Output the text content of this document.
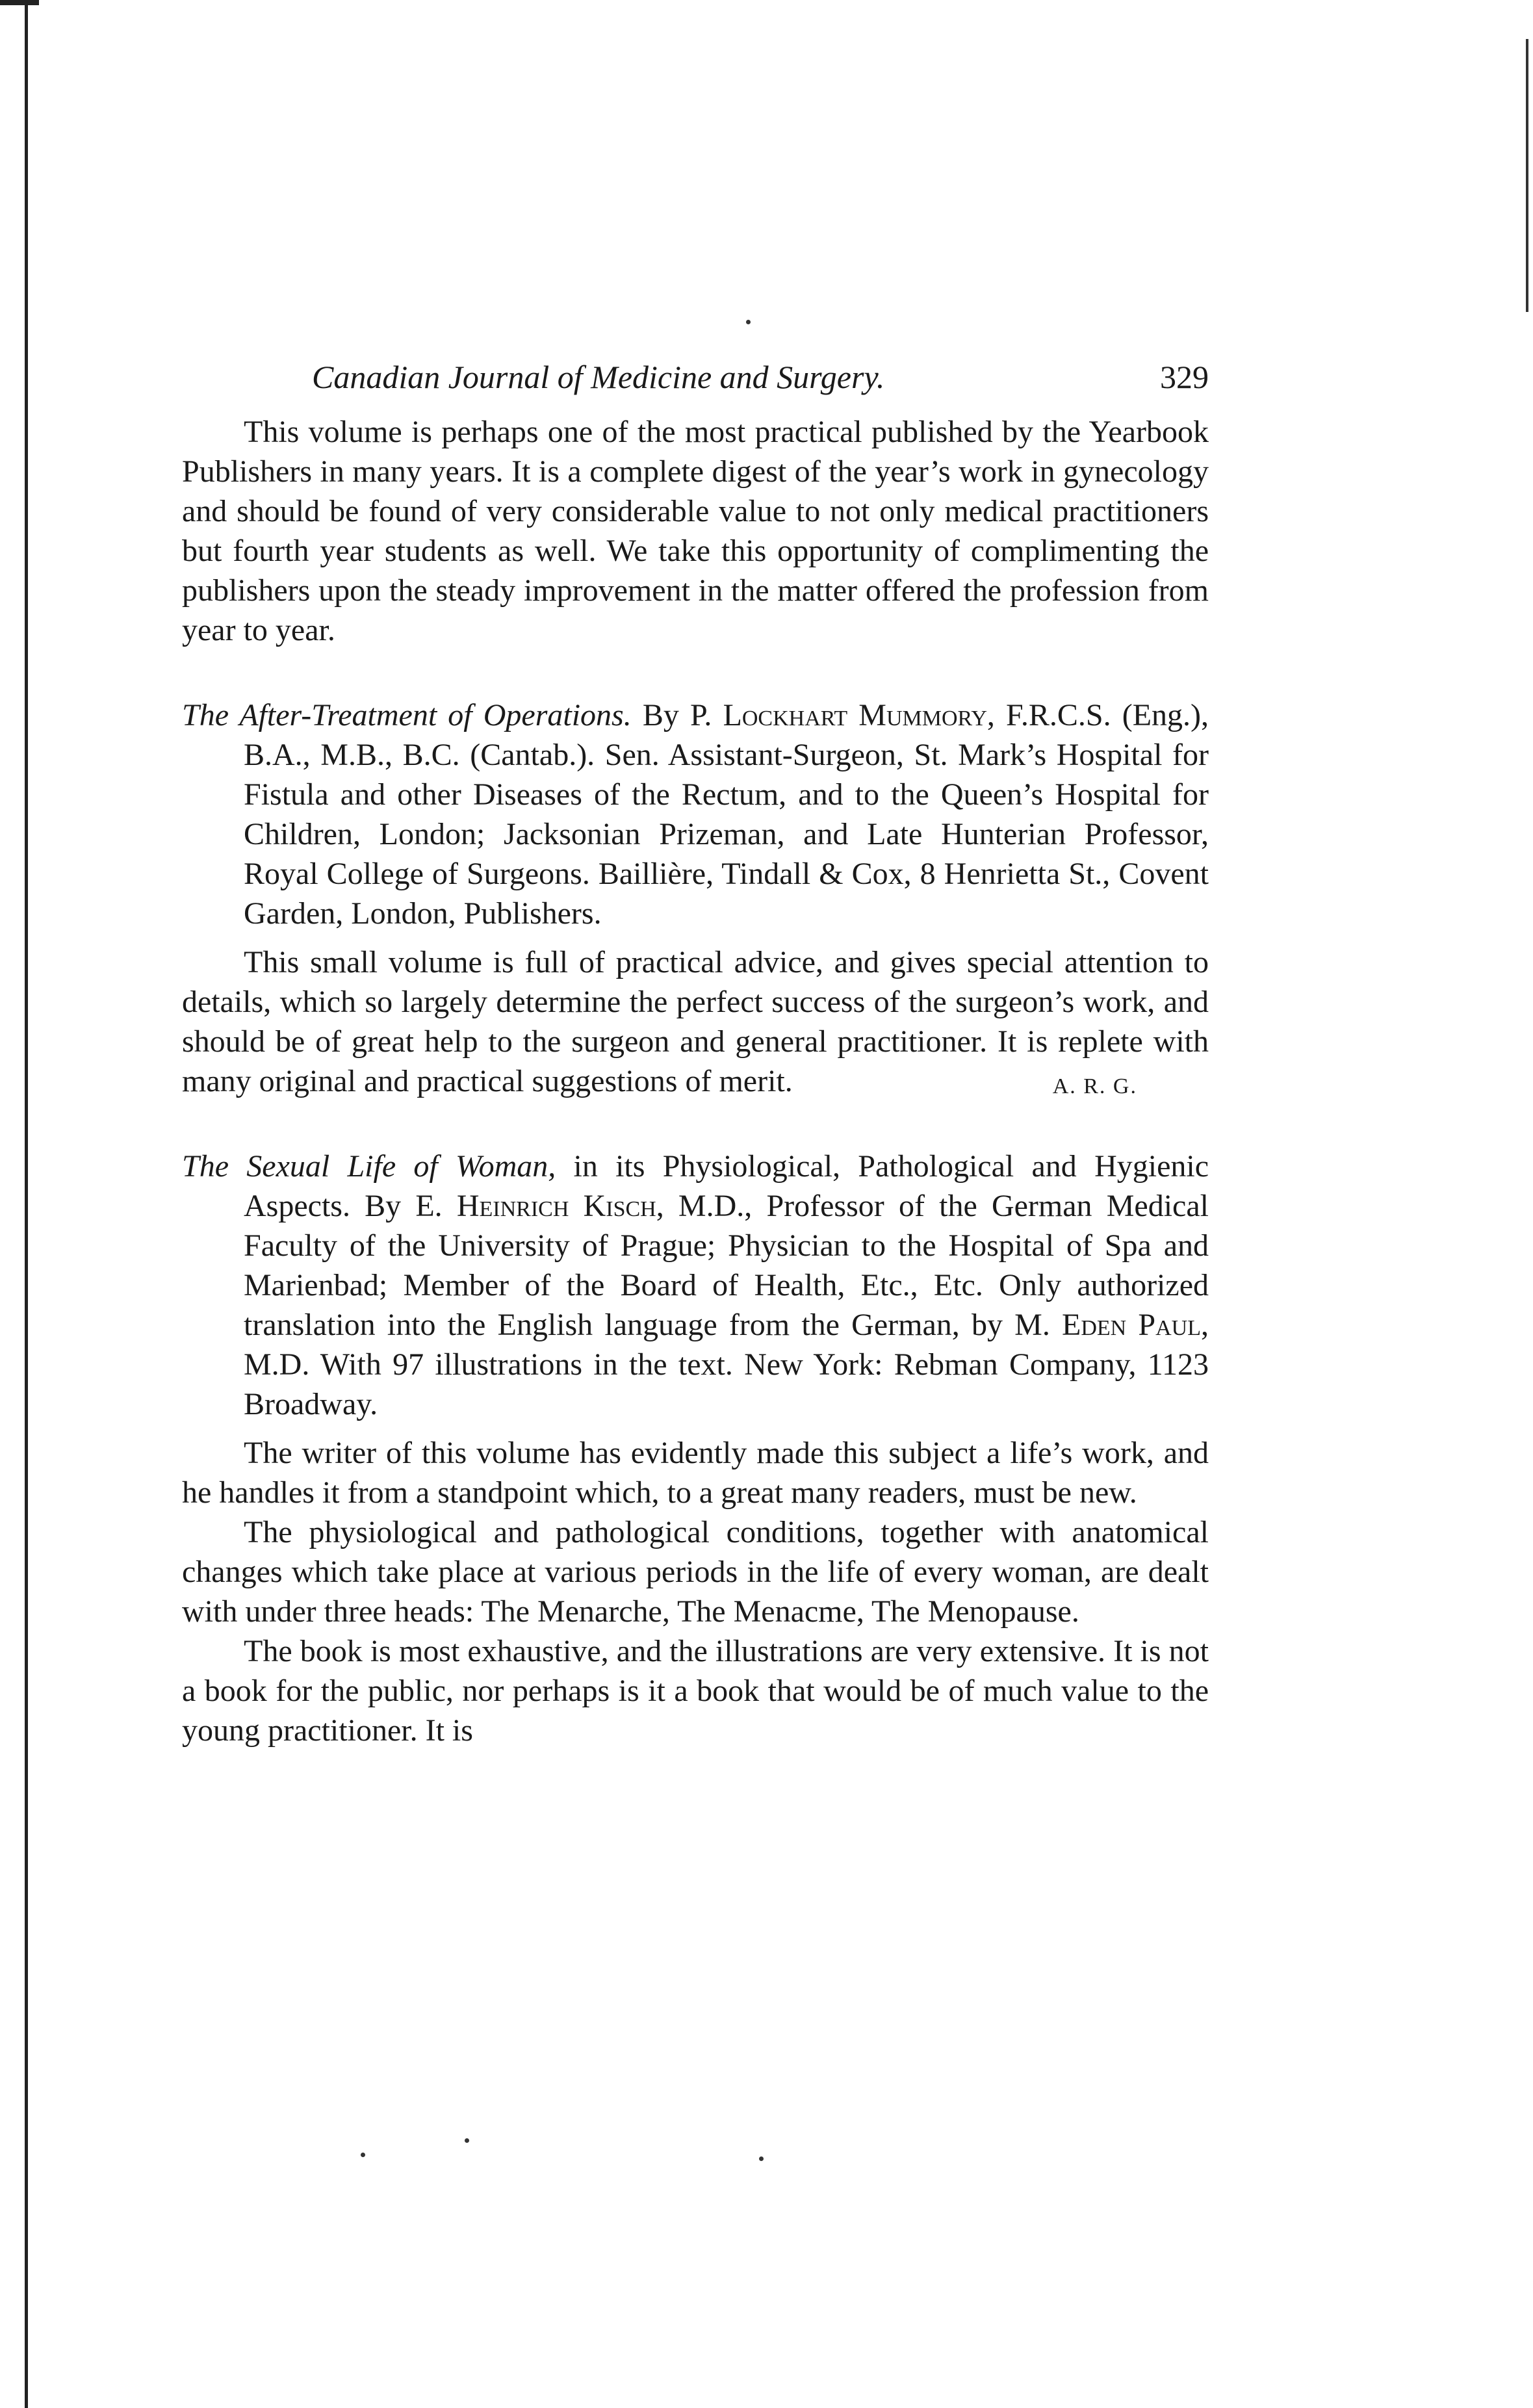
Canadian Journal of Medicine and Surgery.	329

This volume is perhaps one of the most practical published by the Yearbook Publishers in many years. It is a complete digest of the year’s work in gynecology and should be found of very considerable value to not only medical practitioners but fourth year students as well. We take this opportunity of complimenting the publishers upon the steady improvement in the matter offered the profession from year to year.

The After-Treatment of Operations. By P. Lockhart Mummory, F.R.C.S. (Eng.), B.A., M.B., B.C. (Cantab.). Sen. Assistant-Surgeon, St. Mark’s Hospital for Fistula and other Diseases of the Rectum, and to the Queen’s Hospital for Children, London; Jacksonian Prizeman, and Late Hunterian Professor, Royal College of Surgeons. Baillière, Tindall & Cox, 8 Henrietta St., Covent Garden, London, Publishers.

This small volume is full of practical advice, and gives special attention to details, which so largely determine the perfect success of the surgeon’s work, and should be of great help to the surgeon and general practitioner. It is replete with many original and practical suggestions of merit.	A. R. G.

The Sexual Life of Woman, in its Physiological, Pathological and Hygienic Aspects. By E. Heinrich Kisch, M.D., Professor of the German Medical Faculty of the University of Prague; Physician to the Hospital of Spa and Marienbad; Member of the Board of Health, Etc., Etc. Only authorized translation into the English language from the German, by M. Eden Paul, M.D. With 97 illustrations in the text. New York: Rebman Company, 1123 Broadway.

The writer of this volume has evidently made this subject a life’s work, and he handles it from a standpoint which, to a great many readers, must be new.

The physiological and pathological conditions, together with anatomical changes which take place at various periods in the life of every woman, are dealt with under three heads: The Menarche, The Menacme, The Menopause.

The book is most exhaustive, and the illustrations are very extensive. It is not a book for the public, nor perhaps is it a book that would be of much value to the young practitioner. It is
